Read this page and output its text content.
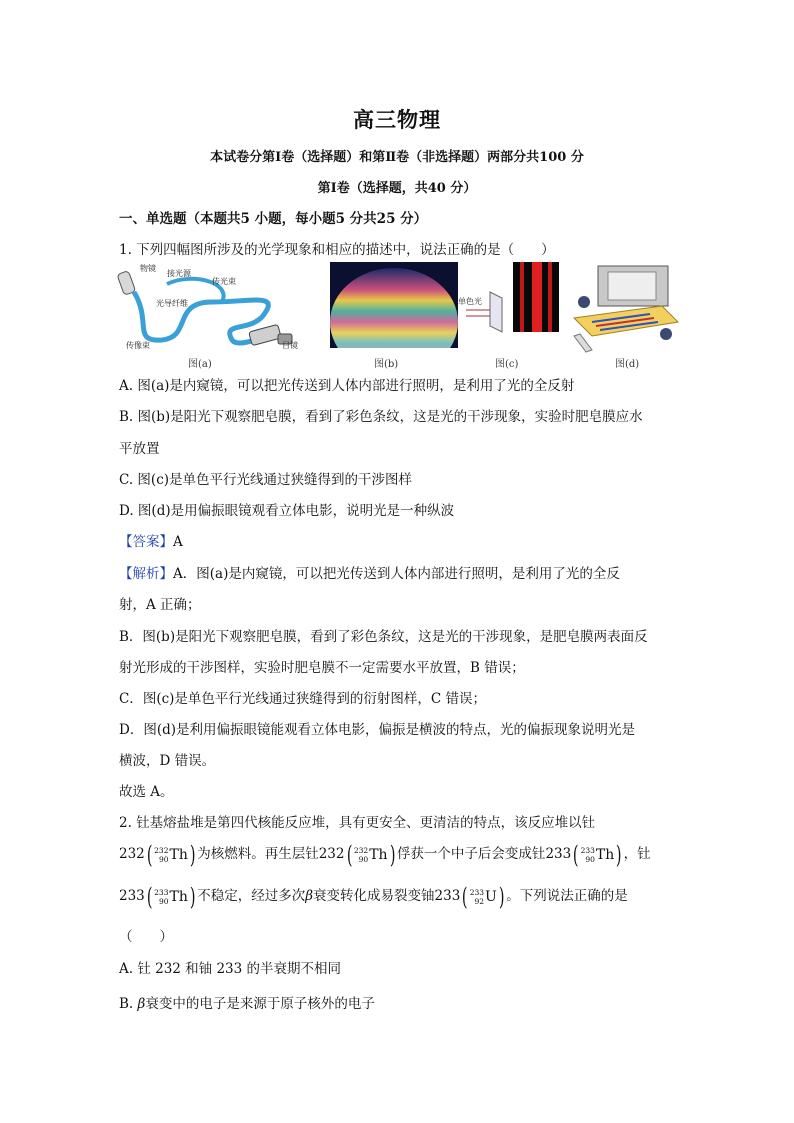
高三物理
本试卷分第Ⅰ卷（选择题）和第Ⅱ卷（非选择题）两部分共100 分
第Ⅰ卷（选择题，共40 分）
一、单选题（本题共5 小题，每小题5 分共25 分）
1. 下列四幅图所涉及的光学现象和相应的描述中，说法正确的是（　　）
物镜
接光源
传光束
光导纤维
传像束	目镜
单色光
图(a)	图(b)	图(c)	图(d)
A. 图(a)是内窥镜，可以把光传送到人体内部进行照明，是利用了光的全反射
B. 图(b)是阳光下观察肥皂膜，看到了彩色条纹，这是光的干涉现象，实验时肥皂膜应水
平放置
C. 图(c)是单色平行光线通过狭缝得到的干涉图样
D. 图(d)是用偏振眼镜观看立体电影，说明光是一种纵波
【答案】A
【解析】A．图(a)是内窥镜，可以把光传送到人体内部进行照明，是利用了光的全反
射，A 正确；
B．图(b)是阳光下观察肥皂膜，看到了彩色条纹，这是光的干涉现象，是肥皂膜两表面反
射光形成的干涉图样，实验时肥皂膜不一定需要水平放置，B 错误；
C．图(c)是单色平行光线通过狭缝得到的衍射图样，C 错误；
D．图(d)是利用偏振眼镜能观看立体电影，偏振是横波的特点，光的偏振现象说明光是
横波，D 错误。
故选 A。
2. 钍基熔盐堆是第四代核能反应堆，具有更安全、更清洁的特点，该反应堆以钍
232 ( 232
90 Th ) 为核燃料。再生层钍232 ( 232
90 Th ) 俘获一个中子后会变成钍233 ( 233
90 Th ) ，钍
233 ( 233
90 Th ) 不稳定，经过多次β衰变转化成易裂变铀233 ( 233
92 U ) 。下列说法正确的是
（　　）
A. 钍 232 和铀 233 的半衰期不相同
B. β衰变中的电子是来源于原子核外的电子
